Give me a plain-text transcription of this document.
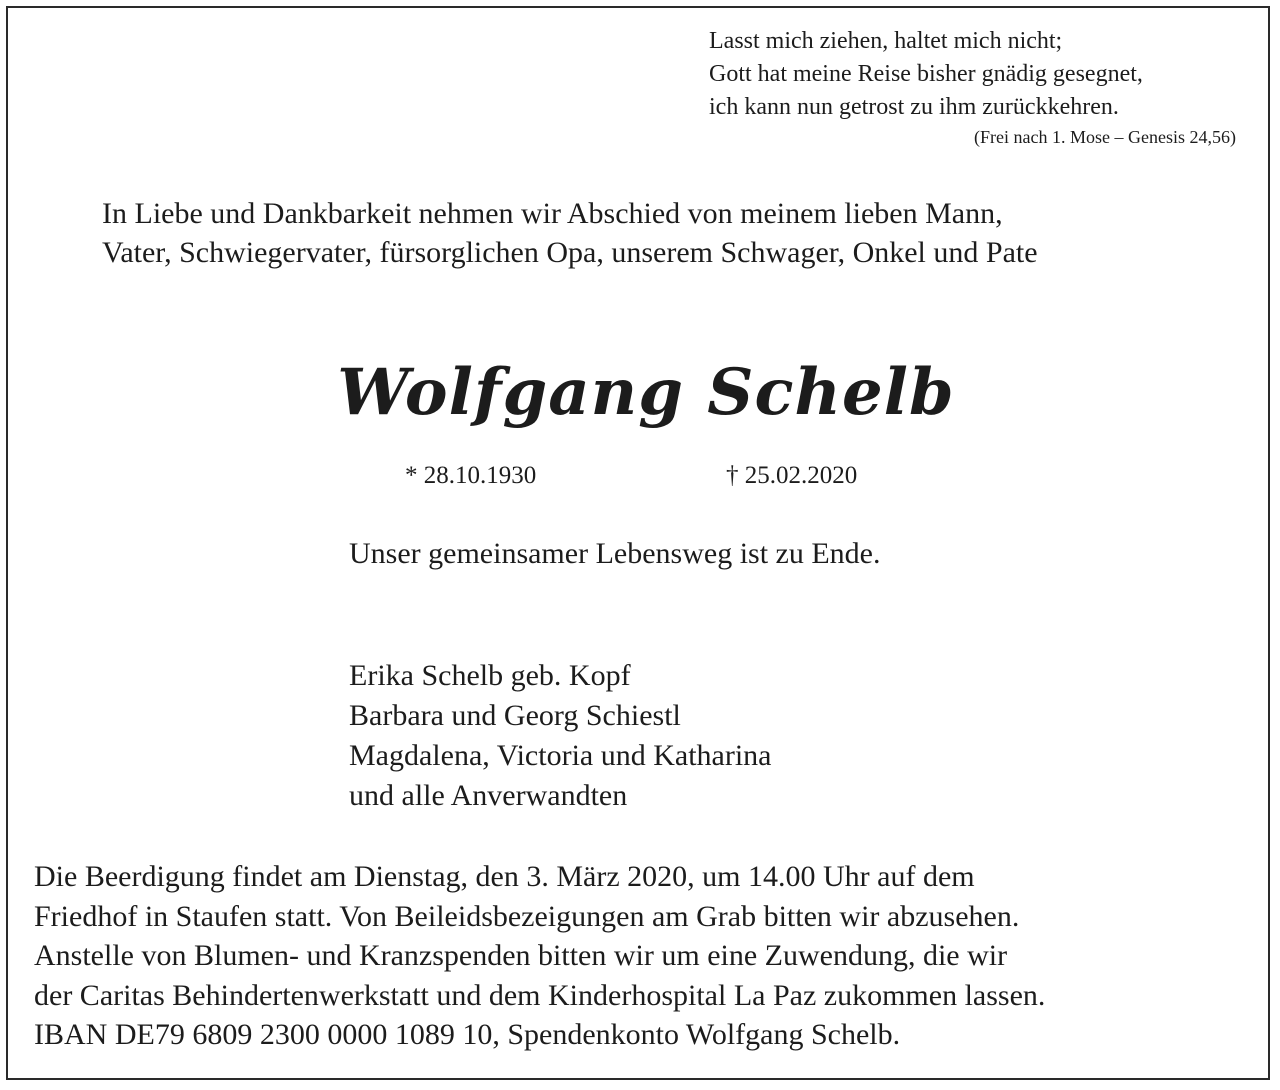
Lasst mich ziehen, haltet mich nicht;
Gott hat meine Reise bisher gnädig gesegnet,
ich kann nun getrost zu ihm zurückkehren.
(Frei nach 1. Mose – Genesis 24,56)
In Liebe und Dankbarkeit nehmen wir Abschied von meinem lieben Mann,
Vater, Schwiegervater, fürsorglichen Opa, unserem Schwager, Onkel und Pate
Wolfgang Schelb
* 28.10.1930	† 25.02.2020
Unser gemeinsamer Lebensweg ist zu Ende.
Erika Schelb geb. Kopf
Barbara und Georg Schiestl
Magdalena, Victoria und Katharina
und alle Anverwandten
Die Beerdigung findet am Dienstag, den 3. März 2020, um 14.00 Uhr auf dem
Friedhof in Staufen statt. Von Beileidsbezeigungen am Grab bitten wir abzusehen.
Anstelle von Blumen- und Kranzspenden bitten wir um eine Zuwendung, die wir
der Caritas Behindertenwerkstatt und dem Kinderhospital La Paz zukommen lassen.
IBAN DE79 6809 2300 0000 1089 10, Spendenkonto Wolfgang Schelb.
